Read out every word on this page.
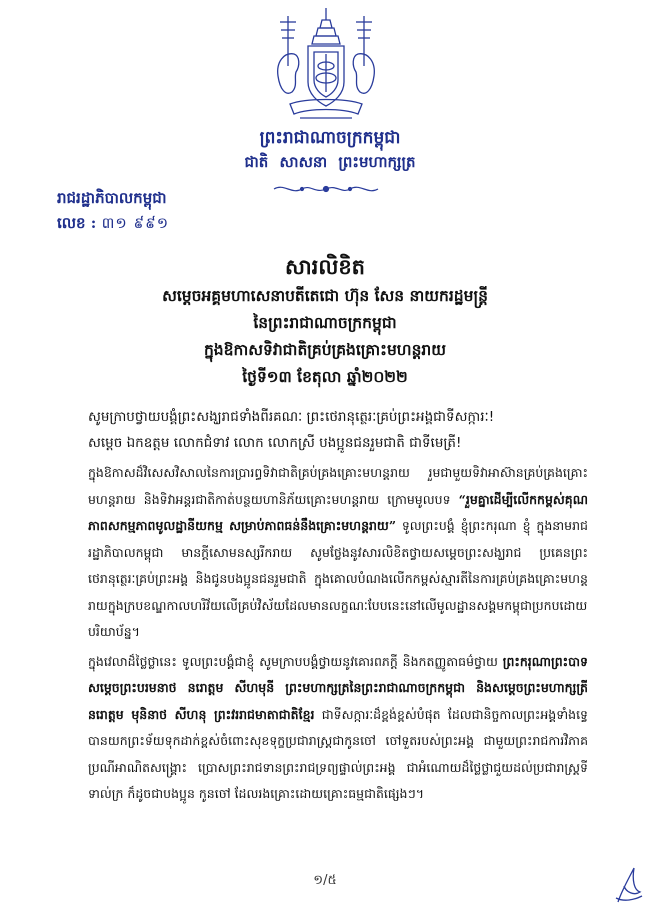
ព្រះរាជាណាចក្រកម្ពុជា
ជាតិ សាសនា ព្រះមហាក្សត្រ
រាជរដ្ឋាភិបាលកម្ពុជា
លេខ : ៣១ ៩៩១
សារលិខិត
សម្ដេចអគ្គមហាសេនាបតីតេជោ ហ៊ុន សែន នាយករដ្ឋមន្ត្រី
នៃព្រះរាជាណាចក្រកម្ពុជា
ក្នុងឱកាសទិវាជាតិគ្រប់គ្រងគ្រោះមហន្តរាយ
ថ្ងៃទី១៣ ខែតុលា ឆ្នាំ២០២២
សូមក្រាបថ្វាយបង្គំព្រះសង្ឃរាជទាំងពីរគណៈ ព្រះថេរានុត្ថេរៈគ្រប់ព្រះអង្គជាទីសក្ការៈ!
សម្ដេច ឯកឧត្តម លោកជំទាវ លោក លោកស្រី បងប្អូនជនរួមជាតិ ជាទីមេត្រី!

ក្នុងឱកាសដ៏វិសេសវិសាលនៃការប្រារព្ធទិវាជាតិគ្រប់គ្រងគ្រោះមហន្តរាយ រួមជាមួយទិវាអាស៊ានគ្រប់គ្រងគ្រោះមហន្តរាយ និងទិវាអន្តរជាតិកាត់បន្ថយហានិភ័យគ្រោះមហន្តរាយ ក្រោមមូលបទ “រួមគ្នាដើម្បីលើកកម្ពស់គុណភាពសកម្មភាពមូលដ្ឋានីយកម្ម សម្រាប់ភាពធន់នឹងគ្រោះមហន្តរាយ” ទូលព្រះបង្គំ ខ្ញុំព្រះករុណា ខ្ញុំ ក្នុងនាមរាជរដ្ឋាភិបាលកម្ពុជា មានក្ដីសោមនស្សរីករាយ សូមថ្លែងនូវសារលិខិតថ្វាយសម្ដេចព្រះសង្ឃរាជ ប្រគេនព្រះថេរានុត្ថេរៈគ្រប់ព្រះអង្គ និងជូនបងប្អូនជនរួមជាតិ ក្នុងគោលបំណងលើកកម្ពស់ស្មារតីនៃការគ្រប់គ្រងគ្រោះមហន្តរាយក្នុងក្របខណ្ឌកាលហរិវ័យលើគ្រប់វិស័យដែលមានលក្ខណៈបែបនេះនៅលើមូលដ្ឋានសង្គមកម្ពុជាប្រកបដោយបរិយាប័ន្ន។

ក្នុងវេលាដ៏ថ្លៃថ្លានេះ ទូលព្រះបង្គំជាខ្ញុំ សូមក្រាបបង្គំថ្វាយនូវគោរពភក្តី និងកតញ្ញូតាធម៌ថ្វាយ ព្រះករុណាព្រះបាទសម្ដេចព្រះបរមនាថ នរោត្តម សីហមុនី ព្រះមហាក្សត្រនៃព្រះរាជាណាចក្រកម្ពុជា និងសម្ដេចព្រះមហាក្សត្រី នរោត្តម មុនិនាថ សីហនុ ព្រះវររាជមាតាជាតិខ្មែរ ជាទីសក្ការៈដ៏ខ្ពង់ខ្ពស់បំផុត ដែលជានិច្ចកាលព្រះអង្គទាំងទ្វេបានយកព្រះទ័យទុកដាក់ខ្ពស់ចំពោះសុខទុក្ខប្រជារាស្ត្រជាកូនចៅ ចៅទួតរបស់ព្រះអង្គ ជាមួយព្រះរាជការវិភាគប្រណីអាណិតសង្គ្រោះ ប្រោសព្រះរាជទានព្រះរាជទ្រព្យផ្ទាល់ព្រះអង្គ ជាអំណោយដ៏ថ្លៃថ្លាជួយដល់ប្រជារាស្ត្រទីទាល់ក្រ ក៏ដូចជាបងប្អូន កូនចៅ ដែលរងគ្រោះដោយគ្រោះធម្មជាតិផ្សេងៗ។

១/៥
